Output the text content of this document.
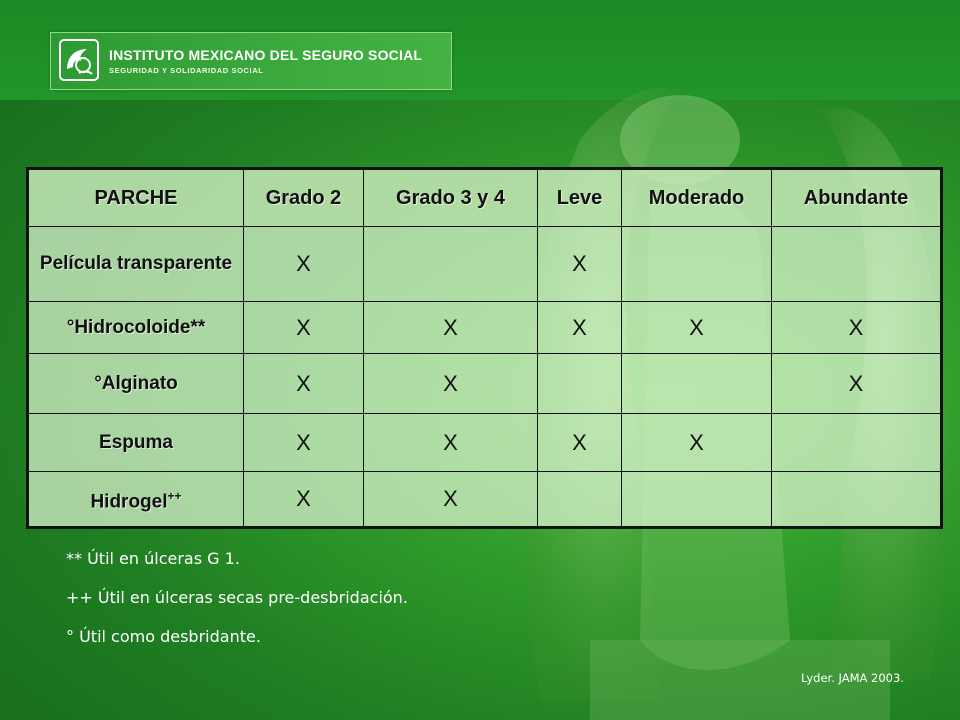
INSTITUTO MEXICANO DEL SEGURO SOCIAL
SEGURIDAD Y SOLIDARIDAD SOCIAL
PARCHE	Grado 2	Grado 3 y 4	Leve	Moderado	Abundante
Película transparente	X		X		
°Hidrocoloide**	X	X	X	X	X
°Alginato	X	X			X
Espuma	X	X	X	X	
Hidrogel++	X	X			
** Útil en úlceras G 1.
++ Útil en úlceras secas pre-desbridación.
° Útil como desbridante.
Lyder. JAMA 2003.
